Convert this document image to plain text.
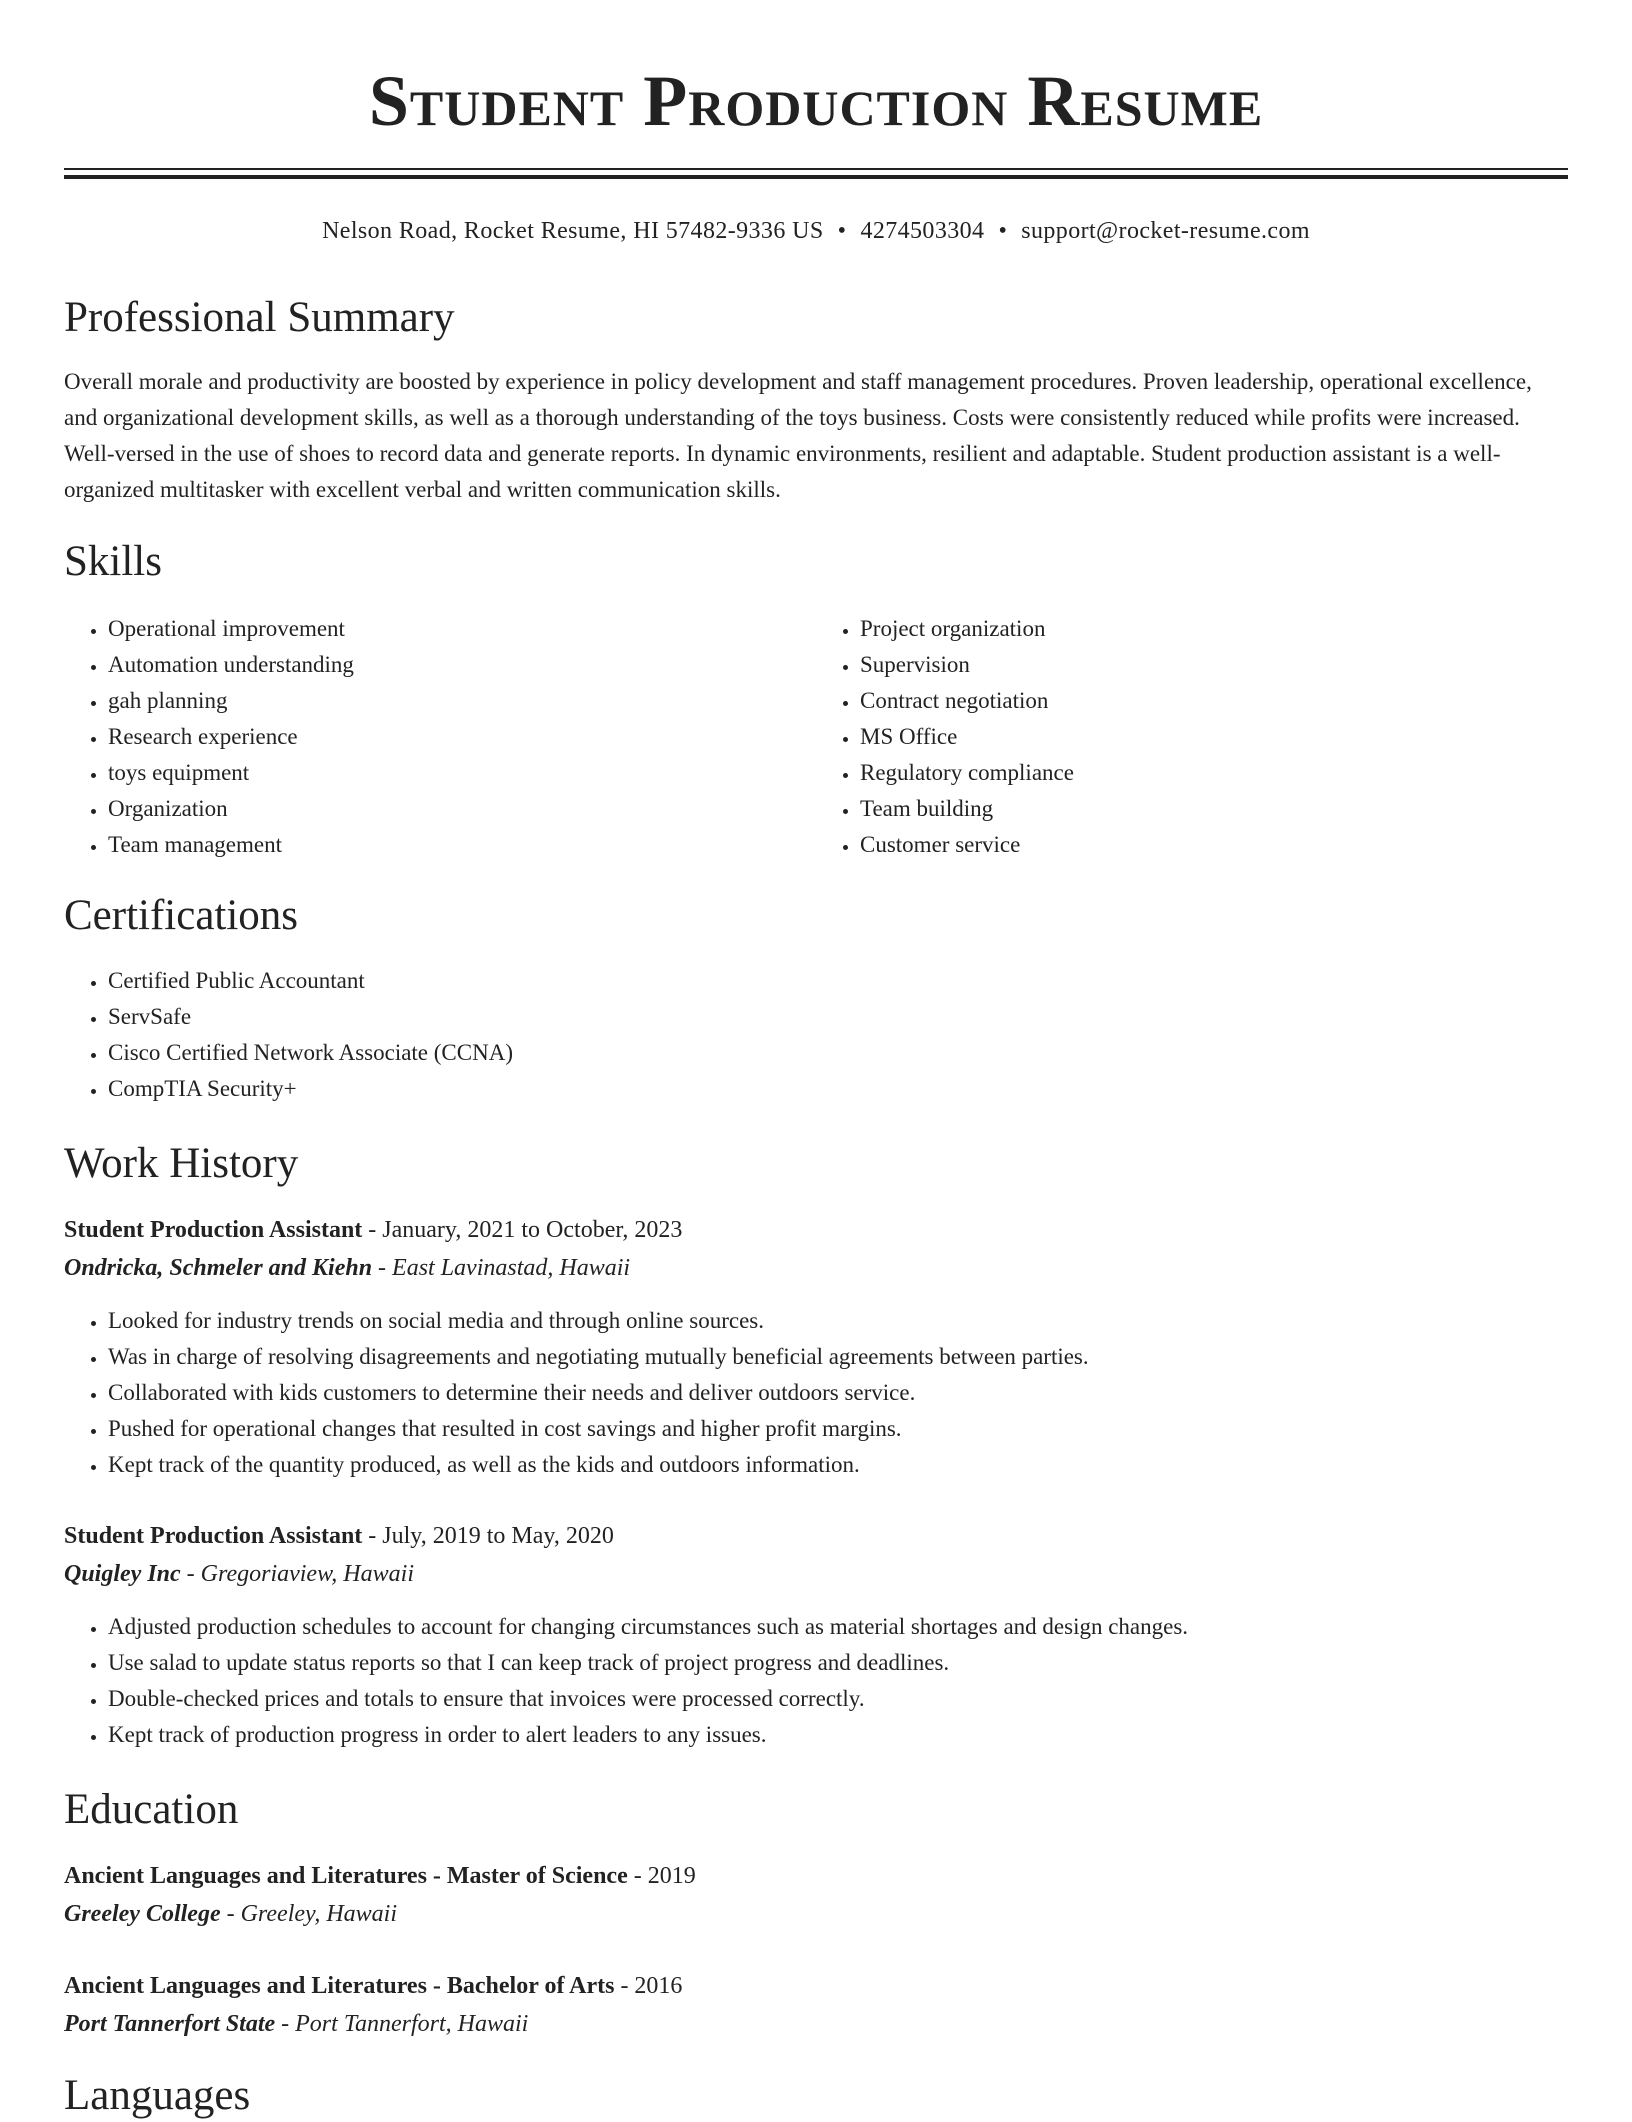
Student Production Resume
Nelson Road, Rocket Resume, HI 57482-9336 US • 4274503304 • support@rocket-resume.com
Professional Summary

Overall morale and productivity are boosted by experience in policy development and staff management procedures. Proven leadership, operational excellence, and organizational development skills, as well as a thorough understanding of the toys business. Costs were consistently reduced while profits were increased. Well-versed in the use of shoes to record data and generate reports. In dynamic environments, resilient and adaptable. Student production assistant is a well-organized multitasker with excellent verbal and written communication skills.

Skills
• Operational improvement
• Automation understanding
• gah planning
• Research experience
• toys equipment
• Organization
• Team management
• Project organization
• Supervision
• Contract negotiation
• MS Office
• Regulatory compliance
• Team building
• Customer service
Certifications
• Certified Public Accountant
• ServSafe
• Cisco Certified Network Associate (CCNA)
• CompTIA Security+
Work History
Student Production Assistant - January, 2021 to October, 2023
Ondricka, Schmeler and Kiehn - East Lavinastad, Hawaii
• Looked for industry trends on social media and through online sources.
• Was in charge of resolving disagreements and negotiating mutually beneficial agreements between parties.
• Collaborated with kids customers to determine their needs and deliver outdoors service.
• Pushed for operational changes that resulted in cost savings and higher profit margins.
• Kept track of the quantity produced, as well as the kids and outdoors information.
Student Production Assistant - July, 2019 to May, 2020
Quigley Inc - Gregoriaview, Hawaii
• Adjusted production schedules to account for changing circumstances such as material shortages and design changes.
• Use salad to update status reports so that I can keep track of project progress and deadlines.
• Double-checked prices and totals to ensure that invoices were processed correctly.
• Kept track of production progress in order to alert leaders to any issues.
Education
Ancient Languages and Literatures - Master of Science - 2019
Greeley College - Greeley, Hawaii
Ancient Languages and Literatures - Bachelor of Arts - 2016
Port Tannerfort State - Port Tannerfort, Hawaii
Languages
